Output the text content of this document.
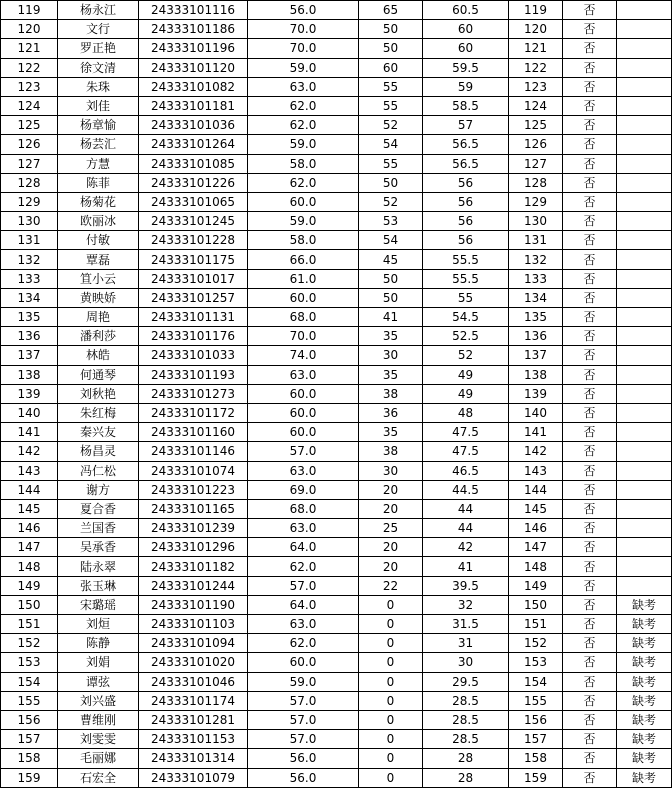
119	杨永江	24333101116	56.0	65	60.5	119	否	
120	文行	24333101186	70.0	50	60	120	否	
121	罗正艳	24333101196	70.0	50	60	121	否	
122	徐文清	24333101120	59.0	60	59.5	122	否	
123	朱珠	24333101082	63.0	55	59	123	否	
124	刘佳	24333101181	62.0	55	58.5	124	否	
125	杨章愉	24333101036	62.0	52	57	125	否	
126	杨芸汇	24333101264	59.0	54	56.5	126	否	
127	方慧	24333101085	58.0	55	56.5	127	否	
128	陈菲	24333101226	62.0	50	56	128	否	
129	杨菊花	24333101065	60.0	52	56	129	否	
130	欧丽冰	24333101245	59.0	53	56	130	否	
131	付敏	24333101228	58.0	54	56	131	否	
132	覃磊	24333101175	66.0	45	55.5	132	否	
133	笪小云	24333101017	61.0	50	55.5	133	否	
134	黄映娇	24333101257	60.0	50	55	134	否	
135	周艳	24333101131	68.0	41	54.5	135	否	
136	潘利莎	24333101176	70.0	35	52.5	136	否	
137	林皓	24333101033	74.0	30	52	137	否	
138	何通琴	24333101193	63.0	35	49	138	否	
139	刘秋艳	24333101273	60.0	38	49	139	否	
140	朱红梅	24333101172	60.0	36	48	140	否	
141	秦兴友	24333101160	60.0	35	47.5	141	否	
142	杨昌灵	24333101146	57.0	38	47.5	142	否	
143	冯仁松	24333101074	63.0	30	46.5	143	否	
144	谢方	24333101223	69.0	20	44.5	144	否	
145	夏合香	24333101165	68.0	20	44	145	否	
146	兰国香	24333101239	63.0	25	44	146	否	
147	吴承香	24333101296	64.0	20	42	147	否	
148	陆永翠	24333101182	62.0	20	41	148	否	
149	张玉琳	24333101244	57.0	22	39.5	149	否	
150	宋璐瑶	24333101190	64.0	0	32	150	否	缺考
151	刘烜	24333101103	63.0	0	31.5	151	否	缺考
152	陈静	24333101094	62.0	0	31	152	否	缺考
153	刘娟	24333101020	60.0	0	30	153	否	缺考
154	谭弦	24333101046	59.0	0	29.5	154	否	缺考
155	刘兴盛	24333101174	57.0	0	28.5	155	否	缺考
156	曹维刚	24333101281	57.0	0	28.5	156	否	缺考
157	刘雯雯	24333101153	57.0	0	28.5	157	否	缺考
158	毛丽娜	24333101314	56.0	0	28	158	否	缺考
159	石宏全	24333101079	56.0	0	28	159	否	缺考
